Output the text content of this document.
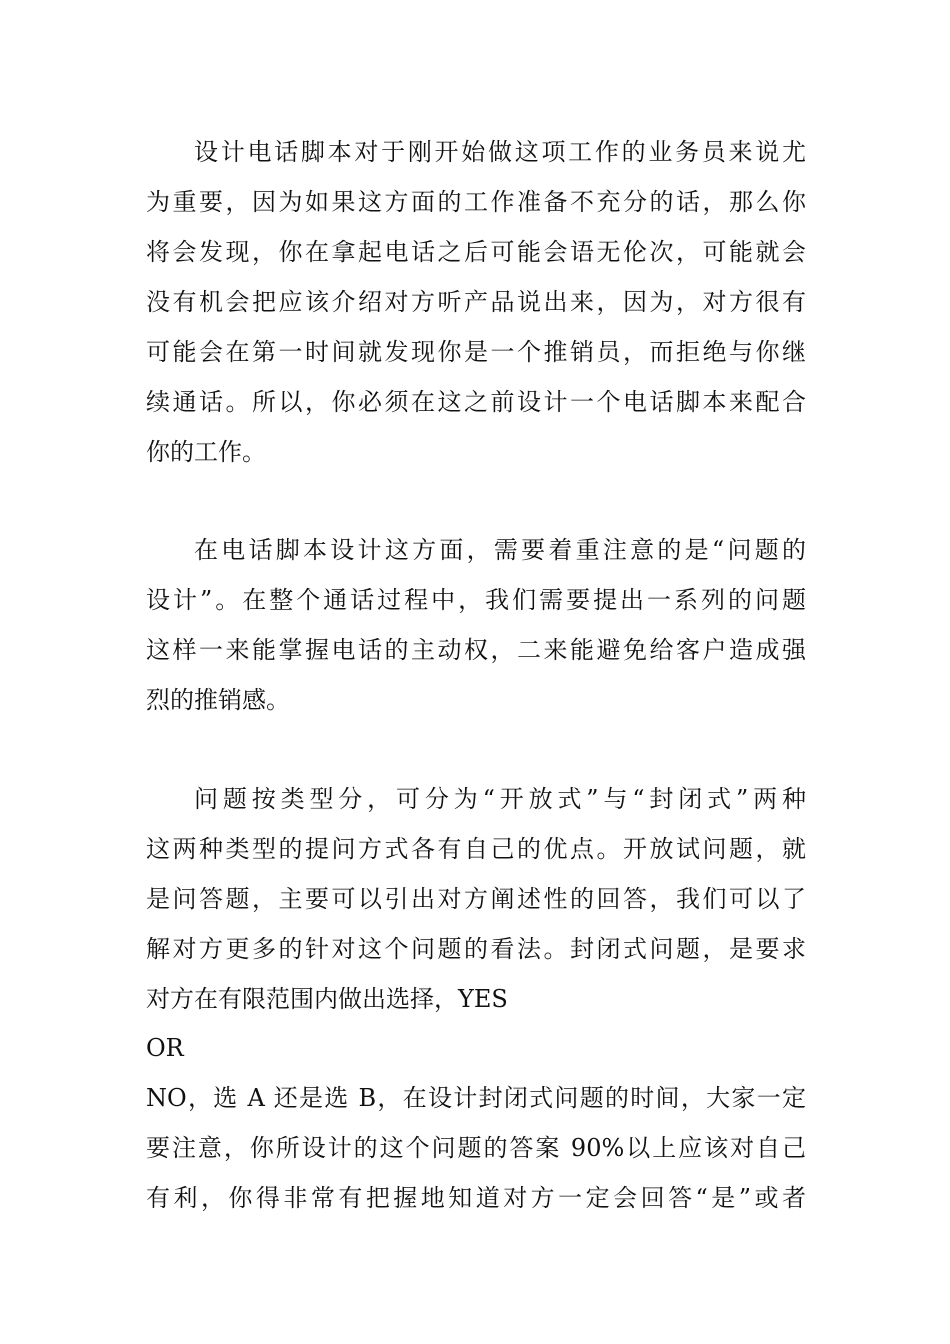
设计电话脚本对于刚开始做这项工作的业务员来说尤
为重要，因为如果这方面的工作准备不充分的话，那么你
将会发现，你在拿起电话之后可能会语无伦次，可能就会
没有机会把应该介绍对方听产品说出来，因为，对方很有
可能会在第一时间就发现你是一个推销员，而拒绝与你继
续通话。所以，你必须在这之前设计一个电话脚本来配合
你的工作。
在电话脚本设计这方面，需要着重注意的是“问题的
设计”。在整个通话过程中，我们需要提出一系列的问题
这样一来能掌握电话的主动权，二来能避免给客户造成强
烈的推销感。
问题按类型分，可分为“开放式”与“封闭式”两种
这两种类型的提问方式各有自己的优点。开放试问题，就
是问答题，主要可以引出对方阐述性的回答，我们可以了
解对方更多的针对这个问题的看法。封闭式问题，是要求
对方在有限范围内做出选择，YES
OR
NO，选 A 还是选 B，在设计封闭式问题的时间，大家一定
要注意，你所设计的这个问题的答案 90%以上应该对自己
有利，你得非常有把握地知道对方一定会回答“是”或者
